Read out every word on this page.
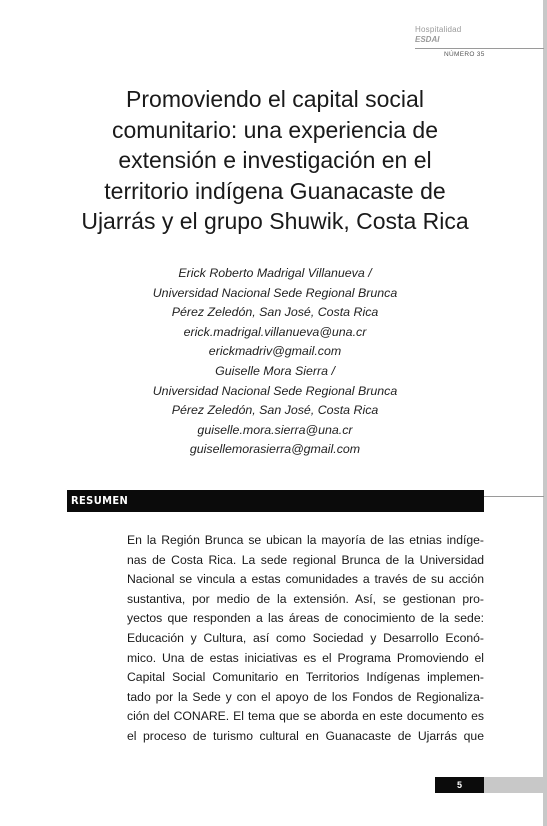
Hospitalidad
ESDAI
NÚMERO 35
Promoviendo el capital social
comunitario: una experiencia de
extensión e investigación en el
territorio indígena Guanacaste de
Ujarrás y el grupo Shuwik, Costa Rica
Erick Roberto Madrigal Villanueva /
Universidad Nacional Sede Regional Brunca
Pérez Zeledón, San José, Costa Rica
erick.madrigal.villanueva@una.cr
erickmadriv@gmail.com
Guiselle Mora Sierra /
Universidad Nacional Sede Regional Brunca
Pérez Zeledón, San José, Costa Rica
guiselle.mora.sierra@una.cr
guisellemorasierra@gmail.com
RESUMEN
En la Región Brunca se ubican la mayoría de las etnias indíge-
nas de Costa Rica. La sede regional Brunca de la Universidad
Nacional se vincula a estas comunidades a través de su acción
sustantiva, por medio de la extensión. Así, se gestionan pro-
yectos que responden a las áreas de conocimiento de la sede:
Educación y Cultura, así como Sociedad y Desarrollo Econó-
mico. Una de estas iniciativas es el Programa Promoviendo el
Capital Social Comunitario en Territorios Indígenas implemen-
tado por la Sede y con el apoyo de los Fondos de Regionaliza-
ción del CONARE. El tema que se aborda en este documento es
el proceso de turismo cultural en Guanacaste de Ujarrás que
5
